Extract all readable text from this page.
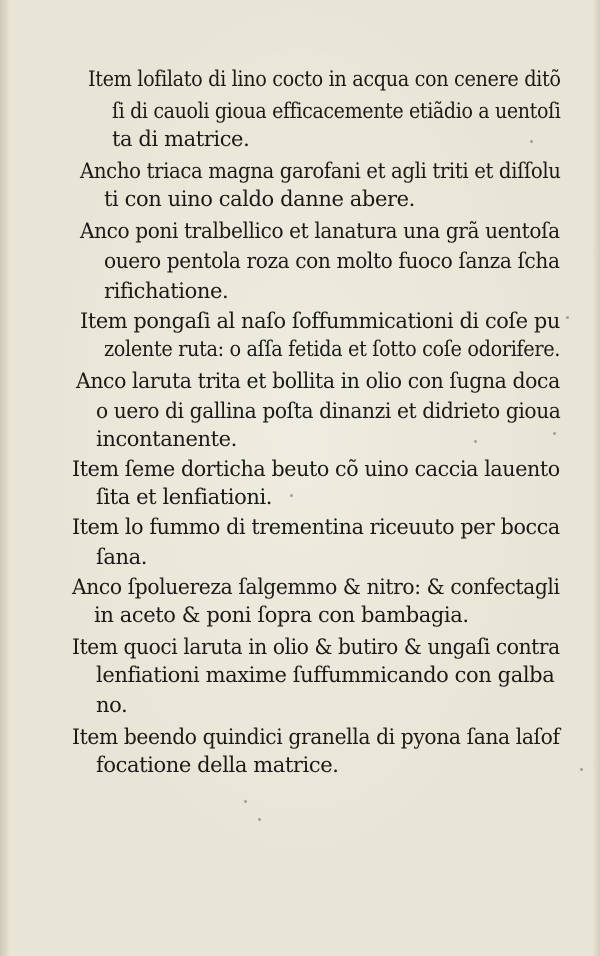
Item lofilato di lino cocto in acqua con cenere ditõ
ſi di cauoli gioua efficacemente etiãdio a uentoſi
ta di matrice.
Ancho triaca magna garofani et agli triti et diſſolu
ti con uino caldo danne abere.
Anco poni tralbellico et lanatura una grã uentoſa
ouero pentola roza con molto fuoco ſanza ſcha
rifichatione.
Item pongaſi al naſo ſoffummicationi di coſe pu
zolente ruta: o aſſa fetida et ſotto coſe odorifere.
Anco laruta trita et bollita in olio con ſugna doca
o uero di gallina poſta dinanzi et didrieto gioua
incontanente.
Item ſeme dorticha beuto cõ uino caccia lauento
ſita et lenfiationi.
Item lo fummo di trementina riceuuto per bocca
ſana.
Anco ſpoluereza ſalgemmo & nitro: & confectagli
in aceto & poni ſopra con bambagia.
Item quoci laruta in olio & butiro & ungaſi contra
lenfiationi maxime ſuffummicando con galba
no.
Item beendo quindici granella di pyona ſana laſof
focatione della matrice.
